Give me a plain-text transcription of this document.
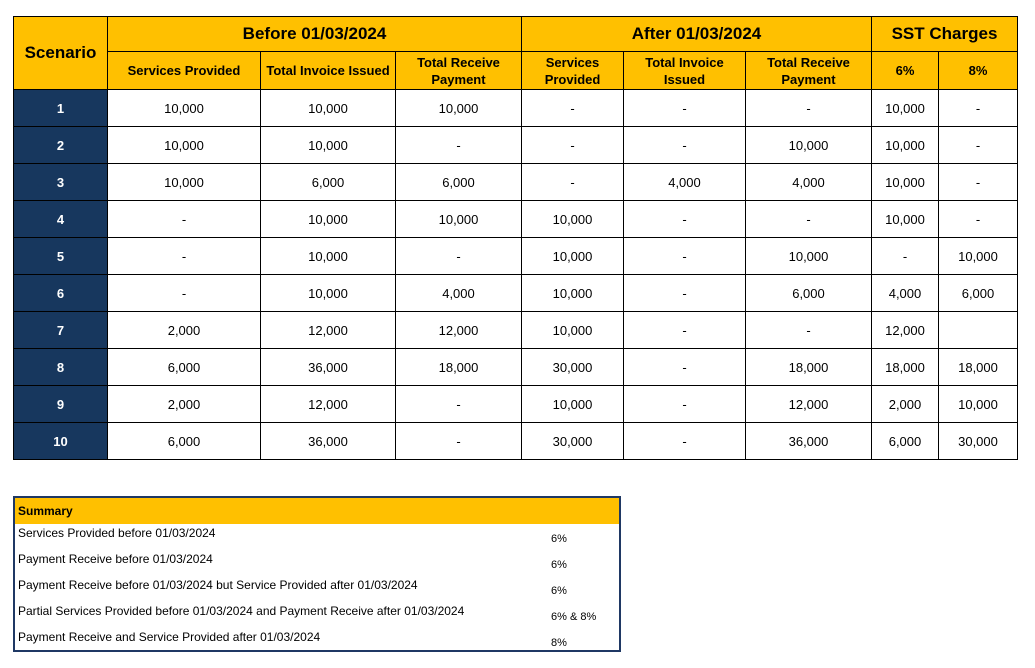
Scenario	Before 01/03/2024			After 01/03/2024			SST Charges	
	Services Provided	Total Invoice Issued	Total Receive Payment	Services Provided	Total Invoice Issued	Total Receive Payment	6%	8%
1	10,000	10,000	10,000	-	-	-	10,000	-
2	10,000	10,000	-	-	-	10,000	10,000	-
3	10,000	6,000	6,000	-	4,000	4,000	10,000	-
4	-	10,000	10,000	10,000	-	-	10,000	-
5	-	10,000	-	10,000	-	10,000	-	10,000
6	-	10,000	4,000	10,000	-	6,000	4,000	6,000
7	2,000	12,000	12,000	10,000	-	-	12,000	
8	6,000	36,000	18,000	30,000	-	18,000	18,000	18,000
9	2,000	12,000	-	10,000	-	12,000	2,000	10,000
10	6,000	36,000	-	30,000	-	36,000	6,000	30,000
Summary
Services Provided before 01/03/2024	6%
Payment Receive before 01/03/2024	6%
Payment Receive before 01/03/2024 but Service Provided after 01/03/2024	6%
Partial Services Provided before 01/03/2024 and Payment Receive after 01/03/2024	6% & 8%
Payment Receive and Service Provided after 01/03/2024	8%
